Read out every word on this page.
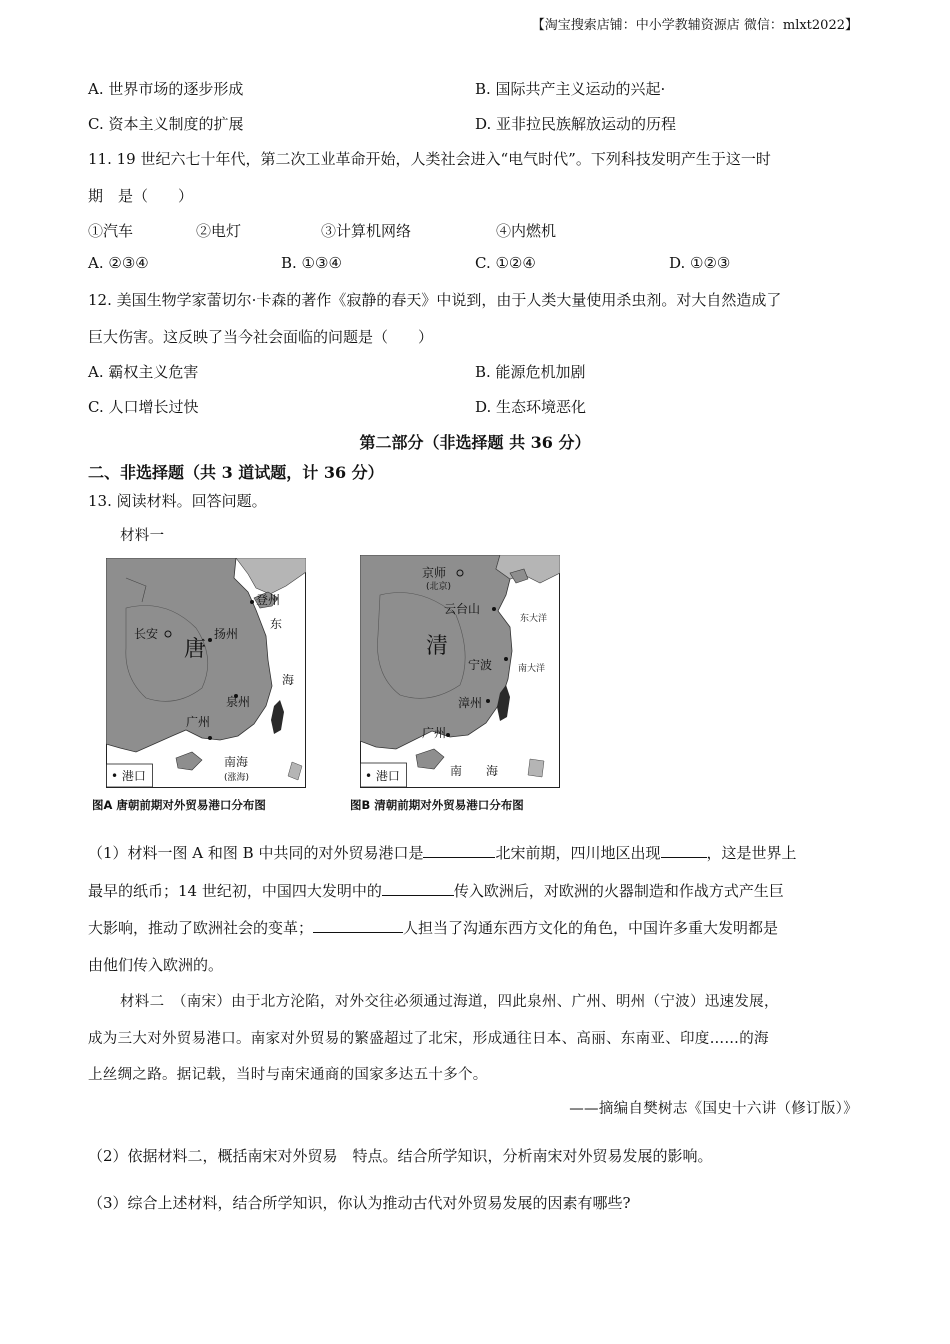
【淘宝搜索店铺：中小学教辅资源店 微信：mlxt2022】
A. 世界市场的逐步形成	B. 国际共产主义运动的兴起·
C. 资本主义制度的扩展	D. 亚非拉民族解放运动的历程
11. 19 世纪六七十年代，第二次工业革命开始，人类社会进入“电气时代”。下列科技发明产生于这一时
期　是（　　）
①汽车	②电灯	③计算机网络	④内燃机
A. ②③④	B. ①③④	C. ①②④	D. ①②③
12. 美国生物学家蕾切尔·卡森的著作《寂静的春天》中说到，由于人类大量使用杀虫剂。对大自然造成了
巨大伤害。这反映了当今社会面临的问题是（　　）
A. 霸权主义危害	B. 能源危机加剧
C. 人口增长过快	D. 生态环境恶化
第二部分（非选择题 共 36 分）
二、非选择题（共 3 道试题，计 36 分）
13. 阅读材料。回答问题。
材料一
• 港口
唐
长安	扬州
泉州
广州
登州
东
海
南海
(涨海)	• 港口
清
京师
(北京)
云台山
宁波
漳州
广州
东大洋
南大洋
南 海
图A 唐朝前期对外贸易港口分布图	图B 清朝前期对外贸易港口分布图
（1）材料一图 A 和图 B 中共同的对外贸易港口是	北宋前期，四川地区出现	，这是世界上
最早的纸币；14 世纪初，中国四大发明中的	传入欧洲后，对欧洲的火器制造和作战方式产生巨
大影响，推动了欧洲社会的变革；	人担当了沟通东西方文化的角色，中国许多重大发明都是
由他们传入欧洲的。
材料二　（南宋）由于北方沦陷，对外交往必须通过海道，四此泉州、广州、明州（宁波）迅速发展，
成为三大对外贸易港口。南家对外贸易的繁盛超过了北宋，形成通往日本、高丽、东南亚、印度……的海
上丝绸之路。据记载，当时与南宋通商的国家多达五十多个。
——摘编自樊树志《国史十六讲（修订版）》
（2）依据材料二，概括南宋对外贸易　特点。结合所学知识，分析南宋对外贸易发展的影响。
（3）综合上述材料，结合所学知识，你认为推动古代对外贸易发展的因素有哪些?
